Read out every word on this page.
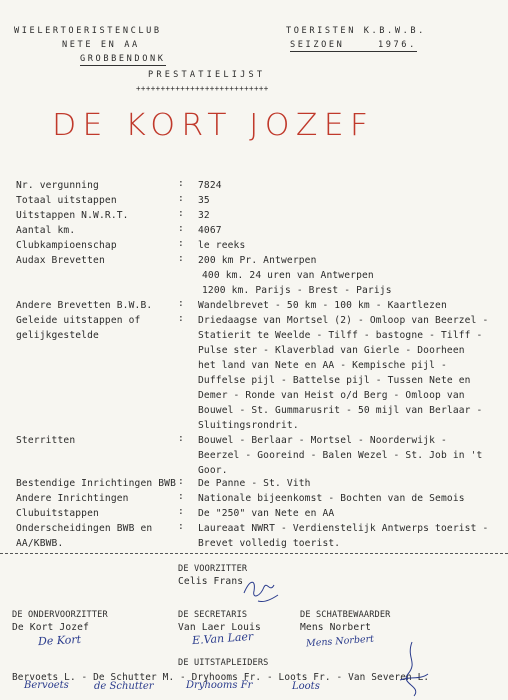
WIELERTOERISTENCLUB
NETE EN AA
GROBBENDONK
TOERISTEN K.B.W.B.
SEIZOEN	1976.
PRESTATIELIJST
+++++++++++++++++++++++++++
DE KORT JOZEF
Nr. vergunning	: 7824
Totaal uitstappen	: 35
Uitstappen N.W.R.T.	: 32
Aantal km.	: 4067
Clubkampioenschap	: le reeks
Audax Brevetten	: 200 km Pr. Antwerpen
400 km. 24 uren van Antwerpen
1200 km. Parijs - Brest - Parijs
Andere Brevetten B.W.B.	: Wandelbrevet - 50 km - 100 km - Kaartlezen
Geleide uitstappen of
gelijkgestelde
: Driedaagse van Mortsel (2) - Omloop van Beerzel -
Statierit te Weelde - Tilff - bastogne - Tilff -
Pulse ster - Klaverblad van Gierle - Doorheen
het land van Nete en AA - Kempische pijl -
Duffelse pijl - Battelse pijl - Tussen Nete en
Demer - Ronde van Heist o/d Berg - Omloop van
Bouwel - St. Gummarusrit - 50 mijl van Berlaar -
Sluitingsrondrit.
Sterritten	: Bouwel - Berlaar - Mortsel - Noorderwijk -
Beerzel - Gooreind - Balen Wezel - St. Job in 't
Goor.
Bestendige Inrichtingen BWB : De Panne - St. Vith
Andere Inrichtingen	: Nationale bijeenkomst - Bochten van de Semois
Clubuitstappen	: De "250" van Nete en AA
Onderscheidingen BWB en
AA/KBWB.
: Laureaat NWRT - Verdienstelijk Antwerps toerist -
Brevet volledig toerist.
DE VOORZITTER
Celis Frans
DE ONDERVOORZITTER
De Kort Jozef
De Kort
DE SECRETARIS
Van Laer Louis
E.Van Laer
DE SCHATBEWAARDER
Mens Norbert
Mens Norbert
DE UITSTAPLEIDERS
Bervoets L. - De Schutter M. - Dryhooms Fr. - Loots Fr. - Van Severen L.
Bervoets	de Schutter	Dryhooms Fr	Loots
